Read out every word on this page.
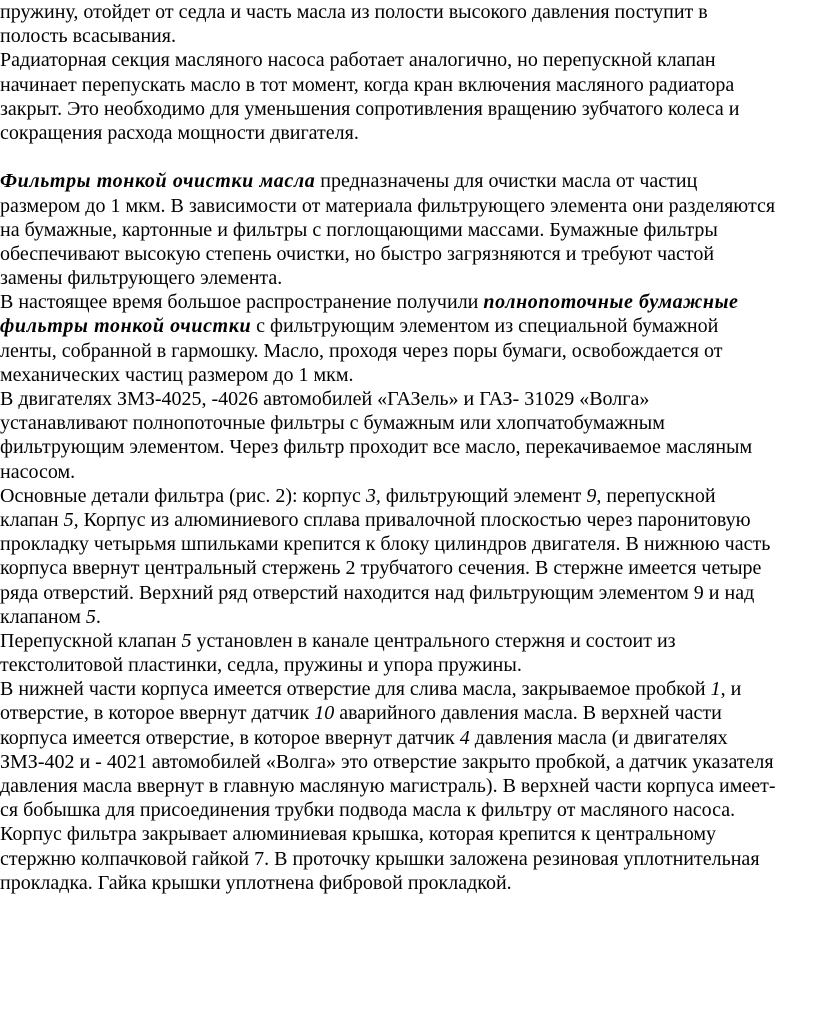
пружину, отойдет от седла и часть масла из полости высокого давления поступит в
полость всасывания.
Радиаторная секция масляного насоса работает аналогично, но перепускной клапан
начинает перепускать масло в тот момент, когда кран включения масляного радиатора
закрыт. Это необходимо для уменьшения сопротивления вращению зубчатого колеса и
сокращения расхода мощности двигателя.
Фильтры тонкой очистки масла предназначены для очистки масла от частиц
размером до 1 мкм. В зависимости от материала фильтрующего элемента они разделяются
на бумажные, картонные и фильтры с поглощающими массами. Бумажные фильтры
обеспечивают высокую степень очистки, но быстро загрязняются и требуют частой
замены фильтрующего элемента.
В настоящее время большое распространение получили полнопоточные бумажные
фильтры тонкой очистки с фильтрующим элементом из специальной бумажной
ленты, собранной в гармошку. Масло, проходя через поры бумаги, освобождается от
механических частиц размером до 1 мкм.
В двигателях ЗМЗ-4025, -4026 автомобилей «ГАЗель» и ГАЗ- 31029 «Волга»
устанавливают полнопоточные фильтры с бумажным или хлопчатобумажным
фильтрующим элементом. Через фильтр проходит все масло, перекачиваемое масляным
насосом.
Основные детали фильтра (рис. 2): корпус 3, фильтрующий элемент 9, перепускной
клапан 5, Корпус из алюминиевого сплава привалочной плоскостью через паронитовую
прокладку четырьмя шпильками крепится к блоку цилиндров двигателя. В нижнюю часть
корпуса ввернут центральный стержень 2 трубчатого сечения. В стержне имеется четыре
ряда отверстий. Верхний ряд отверстий находится над фильтрующим элементом 9 и над
клапаном 5.
Перепускной клапан 5 установлен в канале центрального стержня и состоит из
текстолитовой пластинки, седла, пружины и упора пружины.
В нижней части корпуса имеется отверстие для слива масла, закрываемое пробкой 1, и
отверстие, в которое ввернут датчик 10 аварийного давления масла. В верхней части
корпуса имеется отверстие, в которое ввернут датчик 4 давления масла (и двигателях
ЗМЗ-402 и - 4021 автомобилей «Волга» это отверстие закрыто пробкой, а датчик указателя
давления масла ввернут в главную масляную магистраль). В верхней части корпуса имеет-
ся бобышка для присоединения трубки подвода масла к фильтру от масляного насоса.
Корпус фильтра закрывает алюминиевая крышка, которая крепится к центральному
стержню колпачковой гайкой 7. В проточку крышки заложена резиновая уплотнительная
прокладка. Гайка крышки уплотнена фибровой прокладкой.
